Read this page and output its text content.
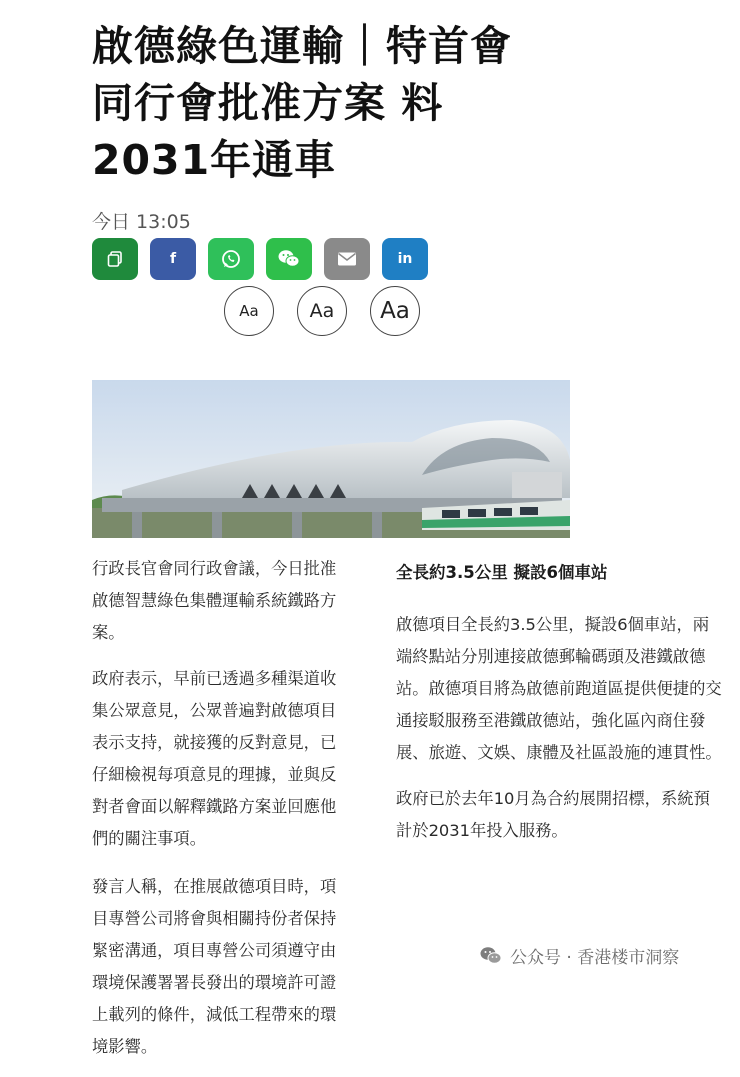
啟德綠色運輸｜特首會
同行會批准方案 料
2031年通車
今日 13:05
f	in
Aa	Aa	Aa

行政長官會同行政會議，今日批准啟德智慧綠色集體運輸系統鐵路方案。

政府表示，早前已透過多種渠道收集公眾意見，公眾普遍對啟德項目表示支持，就接獲的反對意見，已仔細檢視每項意見的理據，並與反對者會面以解釋鐵路方案並回應他們的關注事項。

發言人稱，在推展啟德項目時，項目專營公司將會與相關持份者保持緊密溝通，項目專營公司須遵守由環境保護署署長發出的環境許可證上載列的條件，減低工程帶來的環境影響。

全長約3.5公里 擬設6個車站

啟德項目全長約3.5公里，擬設6個車站，兩端終點站分別連接啟德郵輪碼頭及港鐵啟德站。啟德項目將為啟德前跑道區提供便捷的交通接駁服務至港鐵啟德站，強化區內商住發展、旅遊、文娛、康體及社區設施的連貫性。

政府已於去年10月為合約展開招標，系統預計於2031年投入服務。

公众号 · 香港楼市洞察
